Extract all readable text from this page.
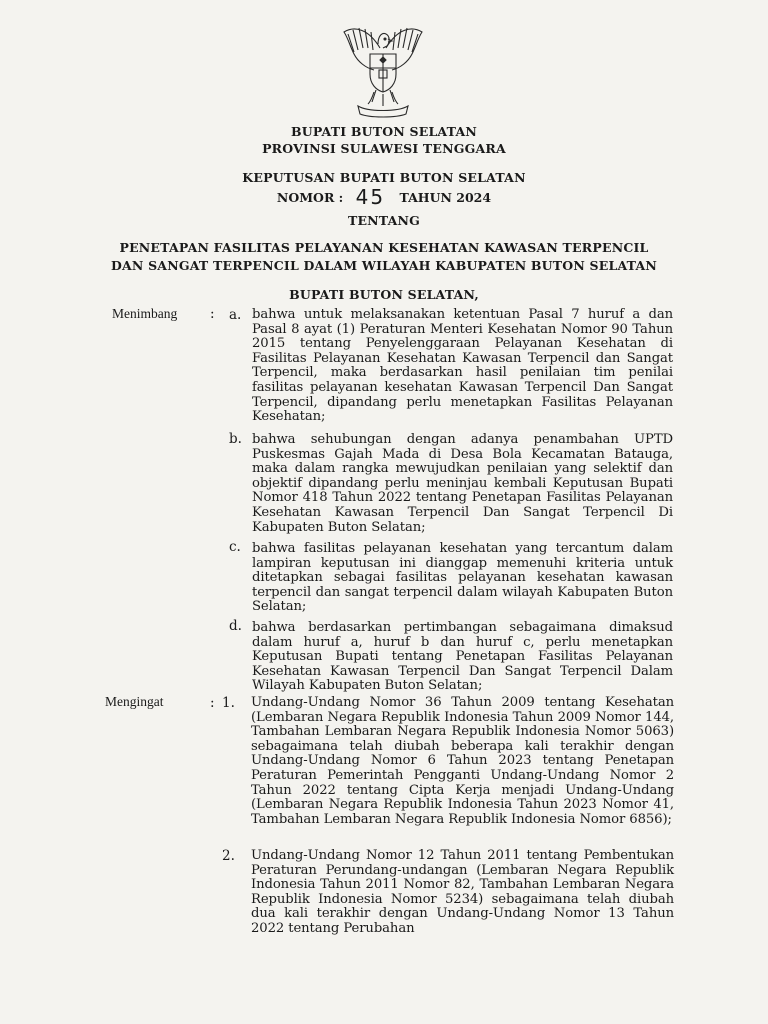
BUPATI BUTON SELATAN
PROVINSI SULAWESI TENGGARA
KEPUTUSAN BUPATI BUTON SELATAN
NOMOR : 45 TAHUN 2024
TENTANG
PENETAPAN FASILITAS PELAYANAN KESEHATAN KAWASAN TERPENCIL
DAN SANGAT TERPENCIL DALAM WILAYAH KABUPATEN BUTON SELATAN
BUPATI BUTON SELATAN,
Menimbang : a. bahwa untuk melaksanakan ketentuan Pasal 7 huruf a dan Pasal 8 ayat (1) Peraturan Menteri Kesehatan Nomor 90 Tahun 2015 tentang Penyelenggaraan Pelayanan Kesehatan di Fasilitas Pelayanan Kesehatan Kawasan Terpencil dan Sangat Terpencil, maka berdasarkan hasil penilaian tim penilai fasilitas pelayanan kesehatan Kawasan Terpencil Dan Sangat Terpencil, dipandang perlu menetapkan Fasilitas Pelayanan Kesehatan;
b. bahwa sehubungan dengan adanya penambahan UPTD Puskesmas Gajah Mada di Desa Bola Kecamatan Batauga, maka dalam rangka mewujudkan penilaian yang selektif dan objektif dipandang perlu meninjau kembali Keputusan Bupati Nomor 418 Tahun 2022 tentang Penetapan Fasilitas Pelayanan Kesehatan Kawasan Terpencil Dan Sangat Terpencil Di Kabupaten Buton Selatan;
c. bahwa fasilitas pelayanan kesehatan yang tercantum dalam lampiran keputusan ini dianggap memenuhi kriteria untuk ditetapkan sebagai fasilitas pelayanan kesehatan kawasan terpencil dan sangat terpencil dalam wilayah Kabupaten Buton Selatan;
d. bahwa berdasarkan pertimbangan sebagaimana dimaksud dalam huruf a, huruf b dan huruf c, perlu menetapkan Keputusan Bupati tentang Penetapan Fasilitas Pelayanan Kesehatan Kawasan Terpencil Dan Sangat Terpencil Dalam Wilayah Kabupaten Buton Selatan;
Mengingat	: 1. Undang-Undang Nomor 36 Tahun 2009 tentang Kesehatan (Lembaran Negara Republik Indonesia Tahun 2009 Nomor 144, Tambahan Lembaran Negara Republik Indonesia Nomor 5063) sebagaimana telah diubah beberapa kali terakhir dengan Undang-Undang Nomor 6 Tahun 2023 tentang Penetapan Peraturan Pemerintah Pengganti Undang-Undang Nomor 2 Tahun 2022 tentang Cipta Kerja menjadi Undang-Undang (Lembaran Negara Republik Indonesia Tahun 2023 Nomor 41, Tambahan Lembaran Negara Republik Indonesia Nomor 6856);
2. Undang-Undang Nomor 12 Tahun 2011 tentang Pembentukan Peraturan Perundang-undangan (Lembaran Negara Republik Indonesia Tahun 2011 Nomor 82, Tambahan Lembaran Negara Republik Indonesia Nomor 5234) sebagaimana telah diubah dua kali terakhir dengan Undang-Undang Nomor 13 Tahun 2022 tentang Perubahan
